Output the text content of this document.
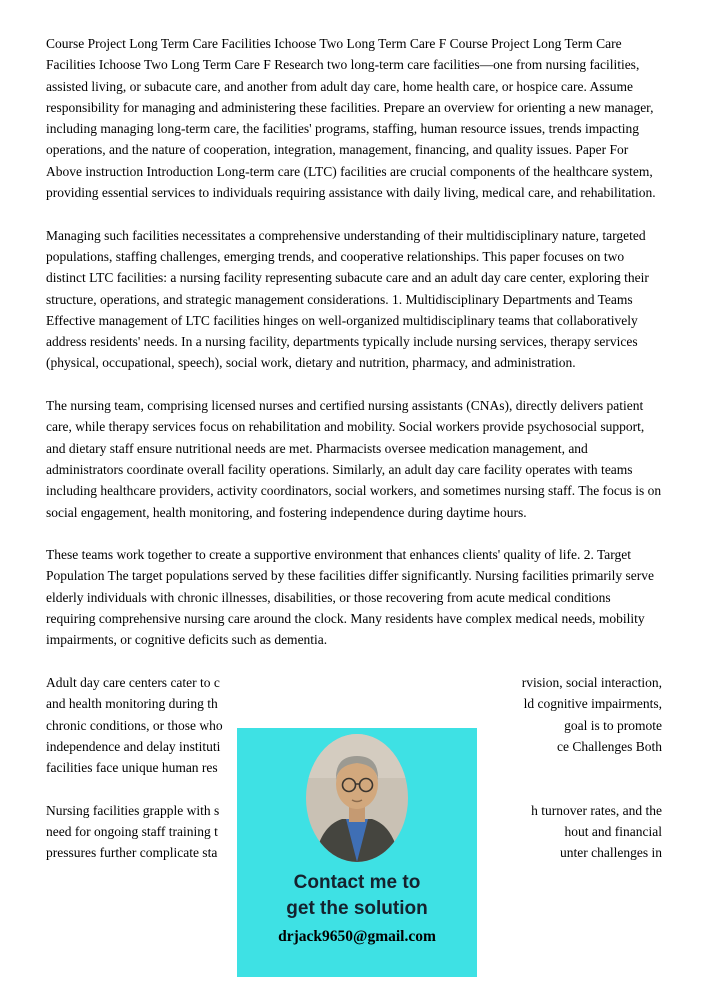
Course Project Long Term Care Facilities Ichoose Two Long Term Care F Course Project Long Term Care Facilities Ichoose Two Long Term Care F Research two long-term care facilities—one from nursing facilities, assisted living, or subacute care, and another from adult day care, home health care, or hospice care. Assume responsibility for managing and administering these facilities. Prepare an overview for orienting a new manager, including managing long-term care, the facilities' programs, staffing, human resource issues, trends impacting operations, and the nature of cooperation, integration, management, financing, and quality issues. Paper For Above instruction Introduction Long-term care (LTC) facilities are crucial components of the healthcare system, providing essential services to individuals requiring assistance with daily living, medical care, and rehabilitation.

Managing such facilities necessitates a comprehensive understanding of their multidisciplinary nature, targeted populations, staffing challenges, emerging trends, and cooperative relationships. This paper focuses on two distinct LTC facilities: a nursing facility representing subacute care and an adult day care center, exploring their structure, operations, and strategic management considerations. 1. Multidisciplinary Departments and Teams Effective management of LTC facilities hinges on well-organized multidisciplinary teams that collaboratively address residents' needs. In a nursing facility, departments typically include nursing services, therapy services (physical, occupational, speech), social work, dietary and nutrition, pharmacy, and administration.

The nursing team, comprising licensed nurses and certified nursing assistants (CNAs), directly delivers patient care, while therapy services focus on rehabilitation and mobility. Social workers provide psychosocial support, and dietary staff ensure nutritional needs are met. Pharmacists oversee medication management, and administrators coordinate overall facility operations. Similarly, an adult day care facility operates with teams including healthcare providers, activity coordinators, social workers, and sometimes nursing staff. The focus is on social engagement, health monitoring, and fostering independence during daytime hours.

These teams work together to create a supportive environment that enhances clients' quality of life. 2. Target Population The target populations served by these facilities differ significantly. Nursing facilities primarily serve elderly individuals with chronic illnesses, disabilities, or those recovering from acute medical conditions requiring comprehensive nursing care around the clock. Many residents have complex medical needs, mobility impairments, or cognitive deficits such as dementia.

Adult day care centers cater to c	rvision, social interaction,
and health monitoring during th	ld cognitive impairments,
chronic conditions, or those who	goal is to promote
independence and delay instituti	ce Challenges Both
facilities face unique human res
Nursing facilities grapple with s	h turnover rates, and the
need for ongoing staff training t	hout and financial
pressures further complicate sta	unter challenges in
Contact me to
get the solution
drjack9650@gmail.com
